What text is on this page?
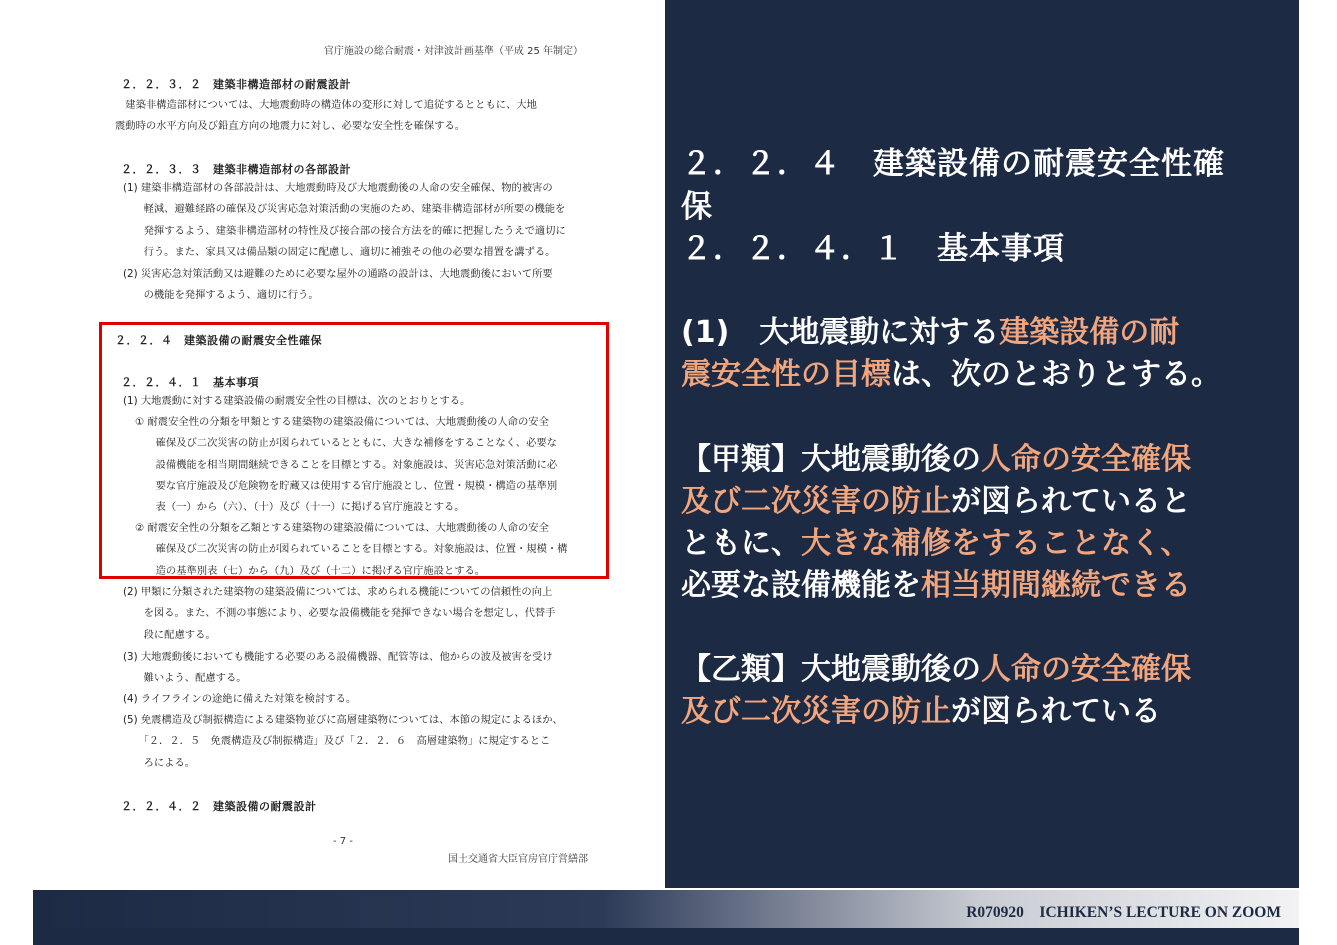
官庁施設の総合耐震・対津波計画基準（平成 25 年制定）
２．２．３．２　建築非構造部材の耐震設計
　建築非構造部材については、大地震動時の構造体の変形に対して追従するとともに、大地
震動時の水平方向及び鉛直方向の地震力に対し、必要な安全性を確保する。
２．２．３．３　建築非構造部材の各部設計
(1) 建築非構造部材の各部設計は、大地震動時及び大地震動後の人命の安全確保、物的被害の
　　軽減、避難経路の確保及び災害応急対策活動の実施のため、建築非構造部材が所要の機能を
　　発揮するよう、建築非構造部材の特性及び接合部の接合方法を的確に把握したうえで適切に
　　行う。また、家具又は備品類の固定に配慮し、適切に補強その他の必要な措置を講ずる。
(2) 災害応急対策活動又は避難のために必要な屋外の通路の設計は、大地震動後において所要
　　の機能を発揮するよう、適切に行う。
２．２．４　建築設備の耐震安全性確保
２．２．４．１　基本事項
(1) 大地震動に対する建築設備の耐震安全性の目標は、次のとおりとする。
① 耐震安全性の分類を甲類とする建築物の建築設備については、大地震動後の人命の安全
　　確保及び二次災害の防止が図られているとともに、大きな補修をすることなく、必要な
　　設備機能を相当期間継続できることを目標とする。対象施設は、災害応急対策活動に必
　　要な官庁施設及び危険物を貯蔵又は使用する官庁施設とし、位置・規模・構造の基準別
　　表（一）から（六）、（十）及び（十一）に掲げる官庁施設とする。
② 耐震安全性の分類を乙類とする建築物の建築設備については、大地震動後の人命の安全
　　確保及び二次災害の防止が図られていることを目標とする。対象施設は、位置・規模・構
　　造の基準別表（七）から（九）及び（十二）に掲げる官庁施設とする。
(2) 甲類に分類された建築物の建築設備については、求められる機能についての信頼性の向上
　　を図る。また、不測の事態により、必要な設備機能を発揮できない場合を想定し、代替手
　　段に配慮する。
(3) 大地震動後においても機能する必要のある設備機器、配管等は、他からの波及被害を受け
　　難いよう、配慮する。
(4) ライフラインの途絶に備えた対策を検討する。
(5) 免震構造及び制振構造による建築物並びに高層建築物については、本節の規定によるほか、
　　「２．２．５　免震構造及び制振構造」及び「２．２．６　高層建築物」に規定するとこ
　　ろによる。
２．２．４．２　建築設備の耐震設計
- 7 -
国土交通省大臣官房官庁営繕部
２．２．４　建築設備の耐震安全性確
保
２．２．４．１　基本事項
(1)　大地震動に対する建築設備の耐
震安全性の目標は、次のとおりとする。
【甲類】大地震動後の人命の安全確保
及び二次災害の防止が図られていると
ともに、大きな補修をすることなく、
必要な設備機能を相当期間継続できる
【乙類】大地震動後の人命の安全確保
及び二次災害の防止が図られている
R070920　ICHIKEN’S LECTURE ON ZOOM
